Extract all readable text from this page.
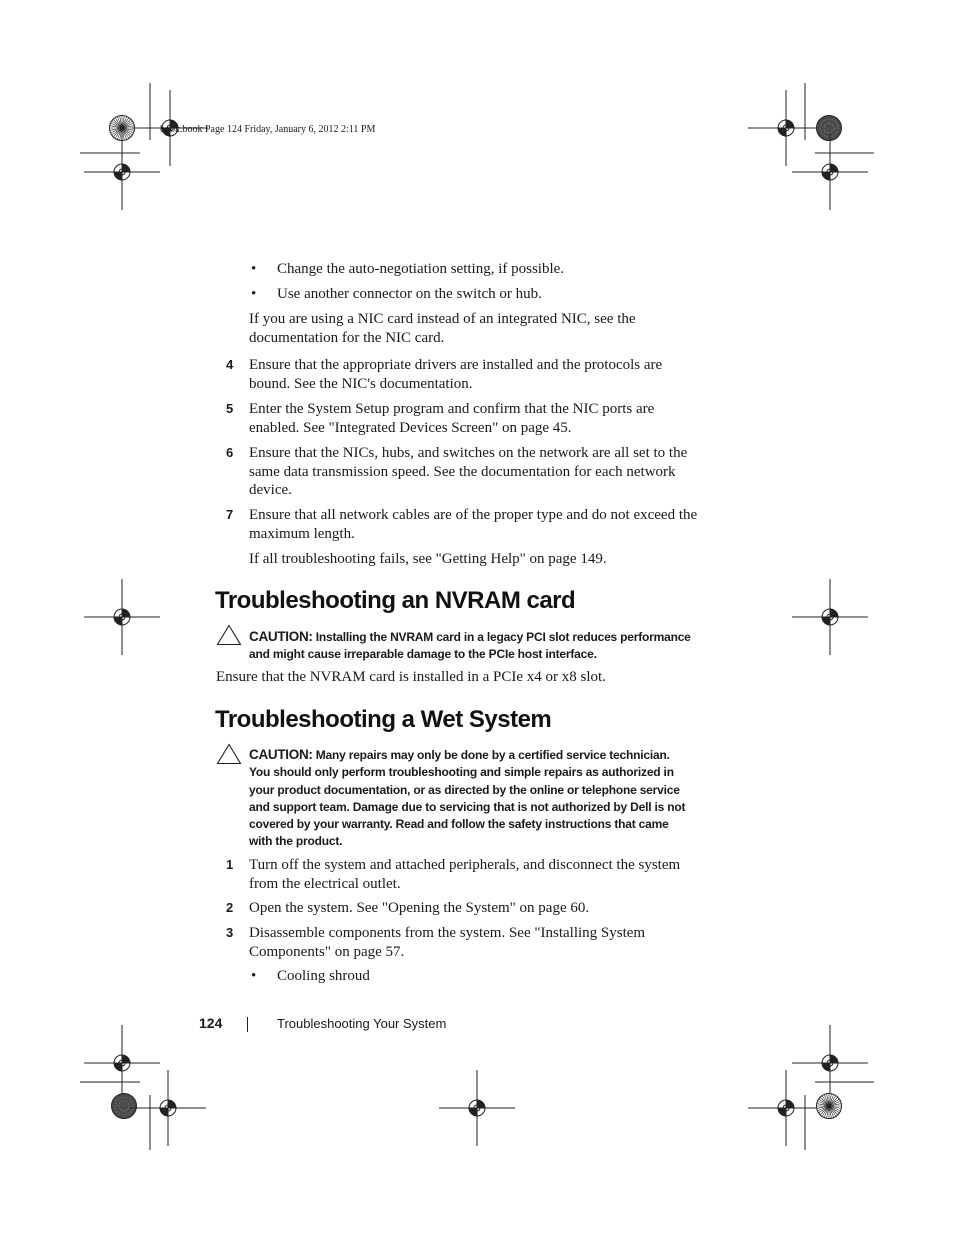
book.book Page 124 Friday, January 6, 2012 2:11 PM
• Change the auto-negotiation setting, if possible.
• Use another connector on the switch or hub.
If you are using a NIC card instead of an integrated NIC, see the documentation for the NIC card.
4 Ensure that the appropriate drivers are installed and the protocols are
bound. See the NIC's documentation.
5 Enter the System Setup program and confirm that the NIC ports are
enabled. See "Integrated Devices Screen" on page 45.
6 Ensure that the NICs, hubs, and switches on the network are all set to the
same data transmission speed. See the documentation for each network
device.
7 Ensure that all network cables are of the proper type and do not exceed the
maximum length.
If all troubleshooting fails, see "Getting Help" on page 149.
Troubleshooting an NVRAM card
CAUTION: Installing the NVRAM card in a legacy PCI slot reduces performance
and might cause irreparable damage to the PCIe host interface.
Ensure that the NVRAM card is installed in a PCIe x4 or x8 slot.
Troubleshooting a Wet System
CAUTION: Many repairs may only be done by a certified service technician.
You should only perform troubleshooting and simple repairs as authorized in
your product documentation, or as directed by the online or telephone service
and support team. Damage due to servicing that is not authorized by Dell is not
covered by your warranty. Read and follow the safety instructions that came
with the product.
1 Turn off the system and attached peripherals, and disconnect the system
from the electrical outlet.
2 Open the system. See "Opening the System" on page 60.
3 Disassemble components from the system. See "Installing System
Components" on page 57.
• Cooling shroud
124	Troubleshooting Your System
